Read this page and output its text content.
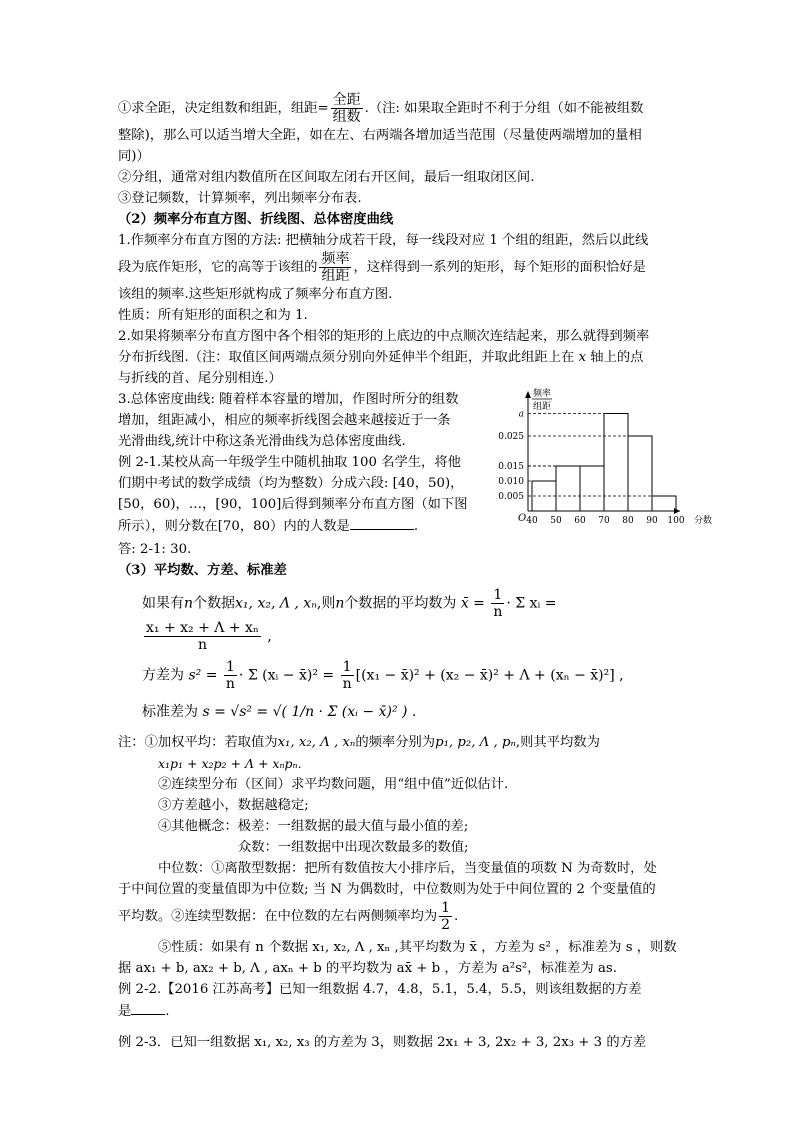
①求全距，决定组数和组距，组距= $\frac{\text{全距}}{\text{组数}}$ .（注: 如果取全距时不利于分组（如不能被组数

整除)，那么可以适当增大全距，如在左、右两端各增加适当范围（尽量使两端增加的量相

同)）

②分组，通常对组内数值所在区间取左闭右开区间，最后一组取闭区间.

③登记频数，计算频率，列出频率分布表.

（2）频率分布直方图、折线图、总体密度曲线

1.作频率分布直方图的方法: 把横轴分成若干段，每一线段对应 1 个组的组距，然后以此线

段为底作矩形，它的高等于该组的 $\frac{\text{频率}}{\text{组距}}$ ，这样得到一系列的矩形，每个矩形的面积恰好是

该组的频率.这些矩形就构成了频率分布直方图.

性质：所有矩形的面积之和为 1.

2.如果将频率分布直方图中各个相邻的矩形的上底边的中点顺次连结起来，那么就得到频率

分布折线图.（注：取值区间两端点须分别向外延伸半个组距，并取此组距上在 x 轴上的点

与折线的首、尾分别相连.）

3.总体密度曲线: 随着样本容量的增加，作图时所分的组数

增加，组距减小，相应的频率折线图会越来越接近于一条

光滑曲线,统计中称这条光滑曲线为总体密度曲线.

例 2-1.某校从高一年级学生中随机抽取 100 名学生，将他

们期中考试的数学成绩（均为整数）分成六段: [40，50)，

[50，60)，…，[90，100]后得到频率分布直方图（如下图

所示），则分数在[70，80）内的人数是	.

频率
组距
O
a
0.025
0.015
0.010
0.005
40 50 60 70 80 90 100 分数

答: 2-1: 30.

（3）平均数、方差、标准差

如果有n个数据x₁, x₂, Λ , xₙ,则n个数据的平均数为 x̄ = $\frac{1}{n} \cdot \Sigma$ xᵢ =
$\frac{\text{x₁ + x₂ + Λ + xₙ}}{n}$ ,

方差为 $s^2 = \frac{1}{n} \cdot \Sigma$ (xᵢ − x̄)² = $\frac{1}{n} [(x_1$ − x̄)² + (x₂ − x̄)² + Λ + (xₙ − x̄)²] ,

标准差为 s = √s² = √( 1/n · Σ (xᵢ − x̄)² ) .

注：①加权平均：若取值为x₁, x₂, Λ , xₙ的频率分别为p₁, p₂, Λ , pₙ,则其平均数为

x₁p₁ + x₂p₂ + Λ + xₙpₙ.

②连续型分布（区间）求平均数问题，用“组中值”近似估计.

③方差越小，数据越稳定;

④其他概念：极差：一组数据的最大值与最小值的差;

众数：一组数据中出现次数最多的数值;

中位数：①离散型数据：把所有数值按大小排序后，当变量值的项数 N 为奇数时，处

于中间位置的变量值即为中位数; 当 N 为偶数时，中位数则为处于中间位置的 2 个变量值的

平均数。②连续型数据：在中位数的左右两侧频率均为 $\frac{1}{2}$ .

⑤性质：如果有 n 个数据 x₁, x₂, Λ , xₙ ,其平均数为 x̄ ，方差为 s² ，标准差为 s ，则数

据 ax₁ + b, ax₂ + b, Λ , axₙ + b 的平均数为 ax̄ + b ，方差为 a²s²，标准差为 as.

例 2-2.【2016 江苏高考】已知一组数据 4.7，4.8，5.1，5.4，5.5，则该组数据的方差

是	.

例 2-3．已知一组数据 x₁, x₂, x₃ 的方差为 3，则数据 2x₁ + 3, 2x₂ + 3, 2x₃ + 3 的方差
